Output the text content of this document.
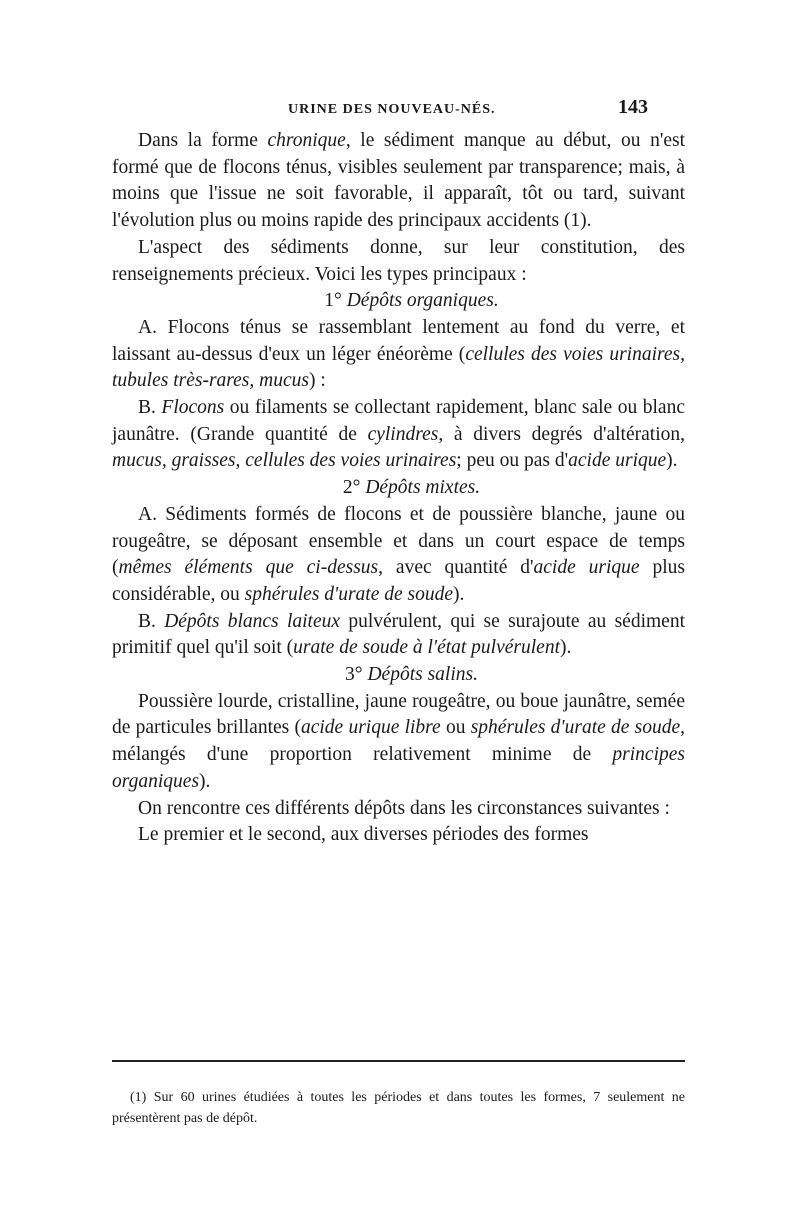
URINE DES NOUVEAU-NÉS.	143

Dans la forme chronique, le sédiment manque au début, ou n'est formé que de flocons ténus, visibles seulement par transparence; mais, à moins que l'issue ne soit favorable, il apparaît, tôt ou tard, suivant l'évolution plus ou moins rapide des principaux accidents (1).

L'aspect des sédiments donne, sur leur constitution, des renseignements précieux. Voici les types principaux :

1° Dépôts organiques.

A. Flocons ténus se rassemblant lentement au fond du verre, et laissant au-dessus d'eux un léger énéorème (cellules des voies urinaires, tubules très-rares, mucus) :

B. Flocons ou filaments se collectant rapidement, blanc sale ou blanc jaunâtre. (Grande quantité de cylindres, à divers degrés d'altération, mucus, graisses, cellules des voies urinaires; peu ou pas d'acide urique).

2° Dépôts mixtes.

A. Sédiments formés de flocons et de poussière blanche, jaune ou rougeâtre, se déposant ensemble et dans un court espace de temps (mêmes éléments que ci-dessus, avec quantité d'acide urique plus considérable, ou sphérules d'urate de soude).

B. Dépôts blancs laiteux pulvérulent, qui se surajoute au sédiment primitif quel qu'il soit (urate de soude à l'état pulvérulent).

3° Dépôts salins.

Poussière lourde, cristalline, jaune rougeâtre, ou boue jaunâtre, semée de particules brillantes (acide urique libre ou sphérules d'urate de soude, mélangés d'une proportion relativement minime de principes organiques).

On rencontre ces différents dépôts dans les circonstances suivantes :

Le premier et le second, aux diverses périodes des formes

(1) Sur 60 urines étudiées à toutes les périodes et dans toutes les formes, 7 seulement ne présentèrent pas de dépôt.
